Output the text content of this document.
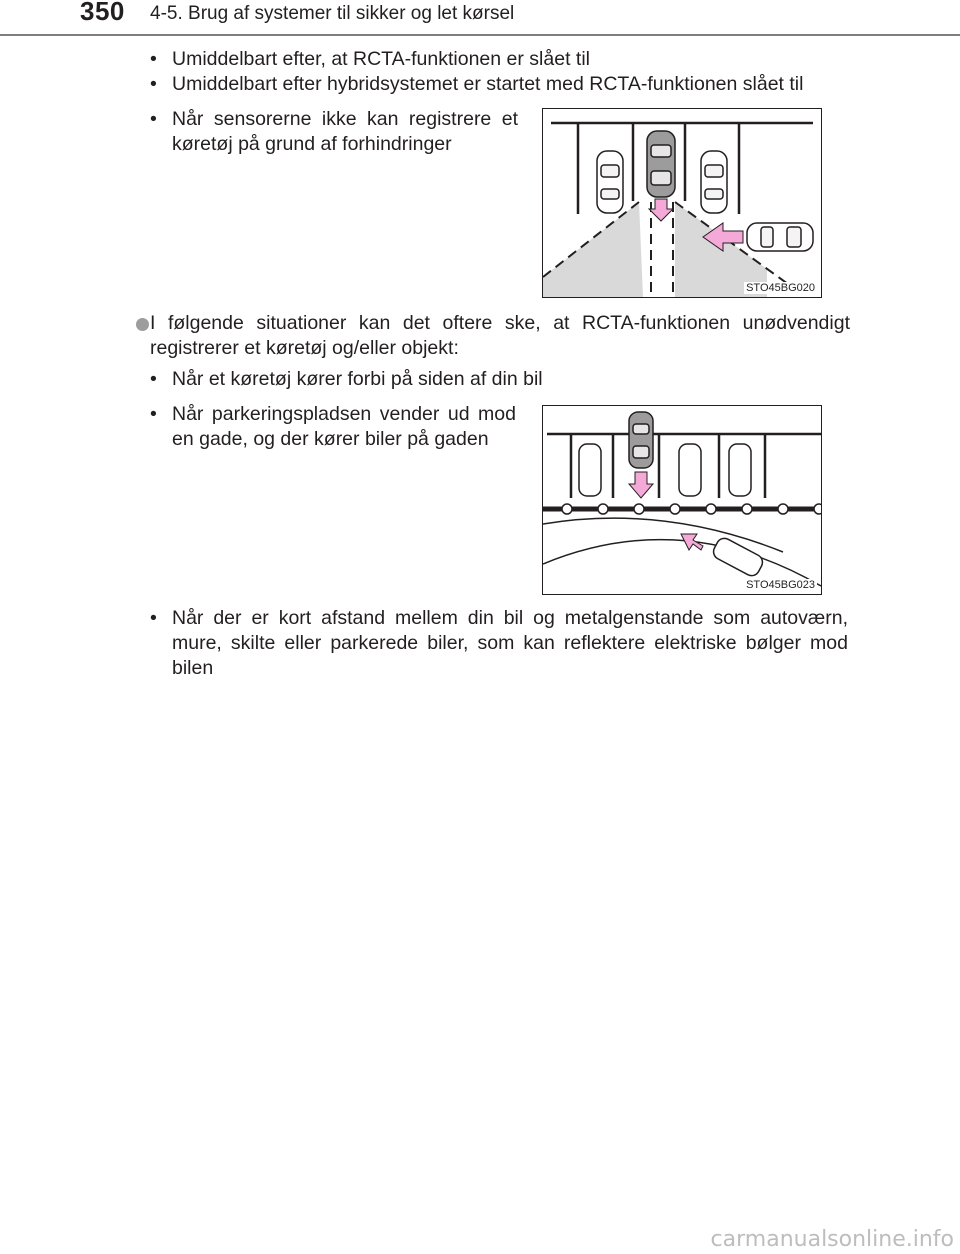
350 4-5. Brug af systemer til sikker og let kørsel
• Umiddelbart efter, at RCTA-funktionen er slået til
• Umiddelbart efter hybridsystemet er startet med RCTA-funktionen slået til
• Når sensorerne ikke kan registrere et køretøj på grund af forhindringer
STO45BG020
I følgende situationer kan det oftere ske, at RCTA-funktionen unødvendigt registrerer et køretøj og/eller objekt:
• Når et køretøj kører forbi på siden af din bil
• Når parkeringspladsen vender ud mod en gade, og der kører biler på gaden
STO45BG023
• Når der er kort afstand mellem din bil og metalgenstande som autoværn, mure, skilte eller parkerede biler, som kan reflektere elektriske bølger mod bilen
carmanualsonline.info
